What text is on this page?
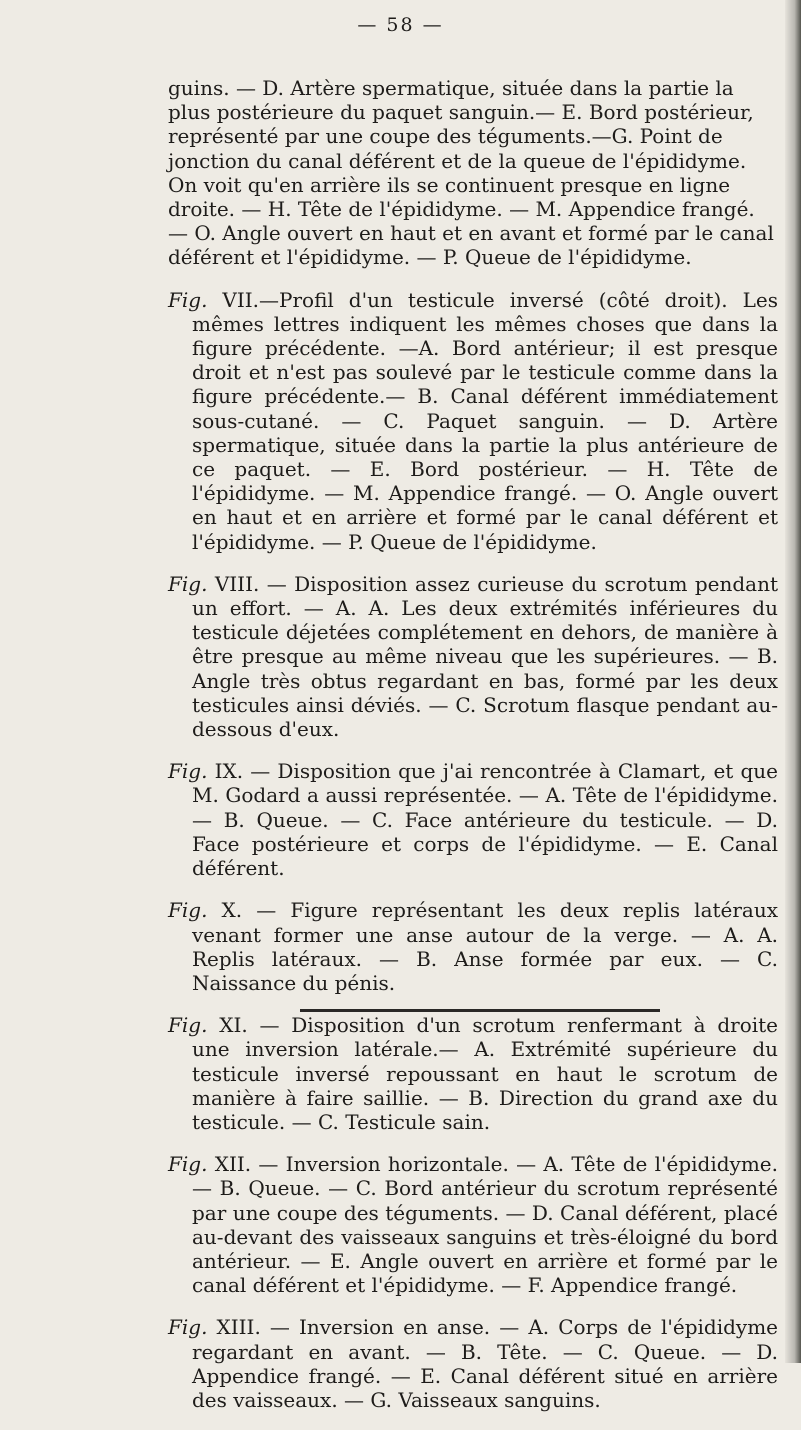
— 58 —

guins. — D. Artère spermatique, située dans la partie la plus postérieure du paquet sanguin.— E. Bord postérieur, représenté par une coupe des téguments.—G. Point de jonction du canal déférent et de la queue de l'épididyme. On voit qu'en arrière ils se continuent presque en ligne droite. — H. Tête de l'épididyme. — M. Appendice frangé. — O. Angle ouvert en haut et en avant et formé par le canal déférent et l'épididyme. — P. Queue de l'épididyme.

Fig. VII.—Profil d'un testicule inversé (côté droit). Les mêmes lettres indiquent les mêmes choses que dans la figure précédente. —A. Bord antérieur; il est presque droit et n'est pas soulevé par le testicule comme dans la figure précédente.— B. Canal déférent immédiatement sous-cutané. — C. Paquet sanguin. — D. Artère spermatique, située dans la partie la plus antérieure de ce paquet. — E. Bord postérieur. — H. Tête de l'épididyme. — M. Appendice frangé. — O. Angle ouvert en haut et en arrière et formé par le canal déférent et l'épididyme. — P. Queue de l'épididyme.

Fig. VIII. — Disposition assez curieuse du scrotum pendant un effort. — A. A. Les deux extrémités inférieures du testicule déjetées complétement en dehors, de manière à être presque au même niveau que les supérieures. — B. Angle très obtus regardant en bas, formé par les deux testicules ainsi déviés. — C. Scrotum flasque pendant au-dessous d'eux.

Fig. IX. — Disposition que j'ai rencontrée à Clamart, et que M. Godard a aussi représentée. — A. Tête de l'épididyme. — B. Queue. — C. Face antérieure du testicule. — D. Face postérieure et corps de l'épididyme. — E. Canal déférent.

Fig. X. — Figure représentant les deux replis latéraux venant former une anse autour de la verge. — A. A. Replis latéraux. — B. Anse formée par eux. — C. Naissance du pénis.

Fig. XI. — Disposition d'un scrotum renfermant à droite une inversion latérale.— A. Extrémité supérieure du testicule inversé repoussant en haut le scrotum de manière à faire saillie. — B. Direction du grand axe du testicule. — C. Testicule sain.

Fig. XII. — Inversion horizontale. — A. Tête de l'épididyme. — B. Queue. — C. Bord antérieur du scrotum représenté par une coupe des téguments. — D. Canal déférent, placé au-devant des vaisseaux sanguins et très-éloigné du bord antérieur. — E. Angle ouvert en arrière et formé par le canal déférent et l'épididyme. — F. Appendice frangé.

Fig. XIII. — Inversion en anse. — A. Corps de l'épididyme regardant en avant. — B. Tête. — C. Queue. — D. Appendice frangé. — E. Canal déférent situé en arrière des vaisseaux. — G. Vaisseaux sanguins.
